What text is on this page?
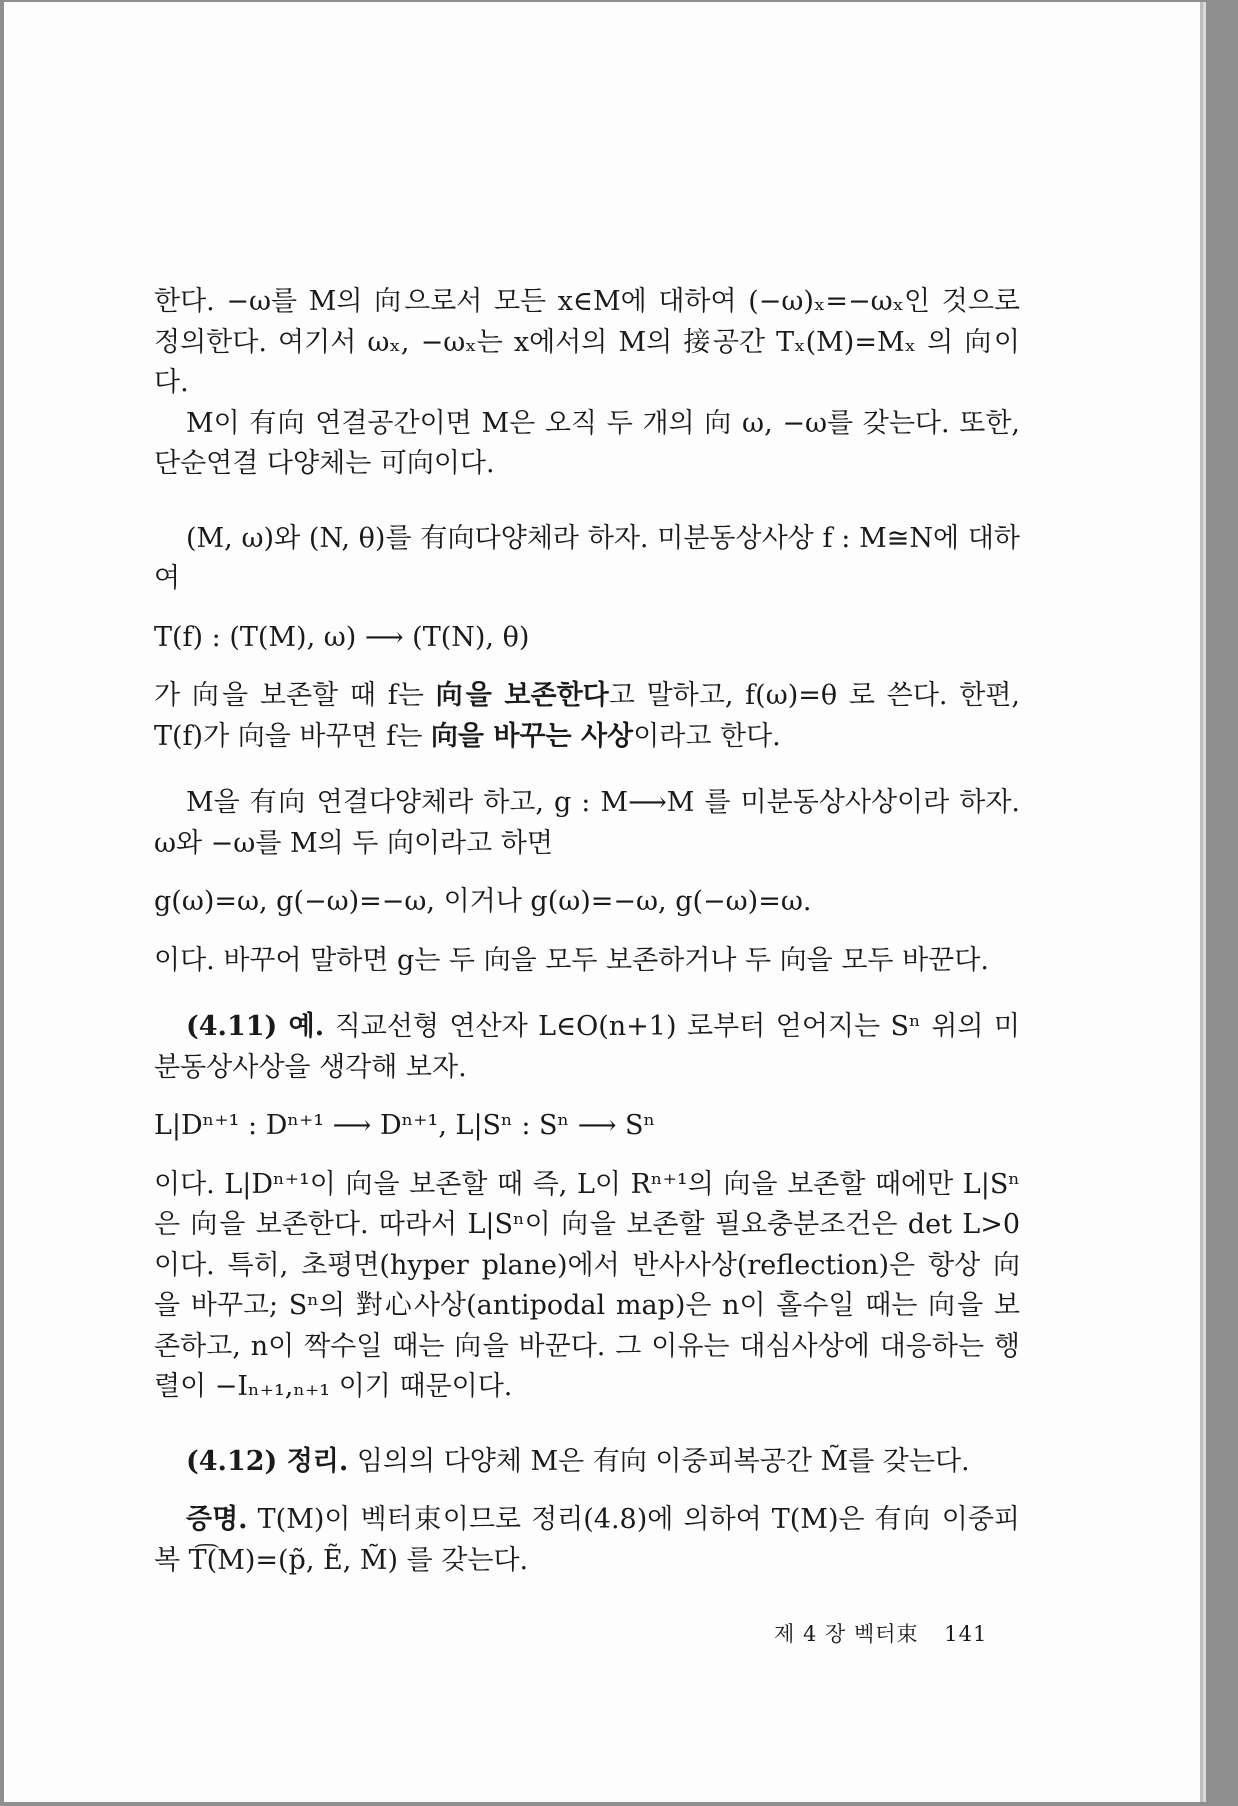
한다. −ω를 M의 向으로서 모든 x∈M에 대하여 (−ω)ₓ=−ωₓ인 것으로 정의한다. 여기서 ωₓ, −ωₓ는 x에서의 M의 接공간 Tₓ(M)=Mₓ 의 向이다.

M이 有向 연결공간이면 M은 오직 두 개의 向 ω, −ω를 갖는다. 또한, 단순연결 다양체는 可向이다.

(M, ω)와 (N, θ)를 有向다양체라 하자. 미분동상사상 f : M≅N에 대하여

T(f) : (T(M), ω) ⟶ (T(N), θ)

가 向을 보존할 때 f는 向을 보존한다고 말하고, f(ω)=θ 로 쓴다. 한편, T(f)가 向을 바꾸면 f는 向을 바꾸는 사상이라고 한다.

M을 有向 연결다양체라 하고, g : M⟶M 를 미분동상사상이라 하자. ω와 −ω를 M의 두 向이라고 하면

g(ω)=ω, g(−ω)=−ω, 이거나 g(ω)=−ω, g(−ω)=ω.

이다. 바꾸어 말하면 g는 두 向을 모두 보존하거나 두 向을 모두 바꾼다.

(4.11) 예. 직교선형 연산자 L∈O(n+1) 로부터 얻어지는 Sⁿ 위의 미분동상사상을 생각해 보자.

L|Dⁿ⁺¹ : Dⁿ⁺¹ ⟶ Dⁿ⁺¹, L|Sⁿ : Sⁿ ⟶ Sⁿ

이다. L|Dⁿ⁺¹이 向을 보존할 때 즉, L이 Rⁿ⁺¹의 向을 보존할 때에만 L|Sⁿ은 向을 보존한다. 따라서 L|Sⁿ이 向을 보존할 필요충분조건은 det L>0 이다. 특히, 초평면(hyper plane)에서 반사사상(reflection)은 항상 向을 바꾸고; Sⁿ의 對心사상(antipodal map)은 n이 홀수일 때는 向을 보존하고, n이 짝수일 때는 向을 바꾼다. 그 이유는 대심사상에 대응하는 행렬이 −Iₙ₊₁,ₙ₊₁ 이기 때문이다.

(4.12) 정리. 임의의 다양체 M은 有向 이중피복공간 M̃를 갖는다.

증명. T(M)이 벡터束이므로 정리(4.8)에 의하여 T(M)은 有向 이중피복 T͡(M)=(p̃, Ẽ, M̃) 를 갖는다.

제 4 장 벡터束 141
